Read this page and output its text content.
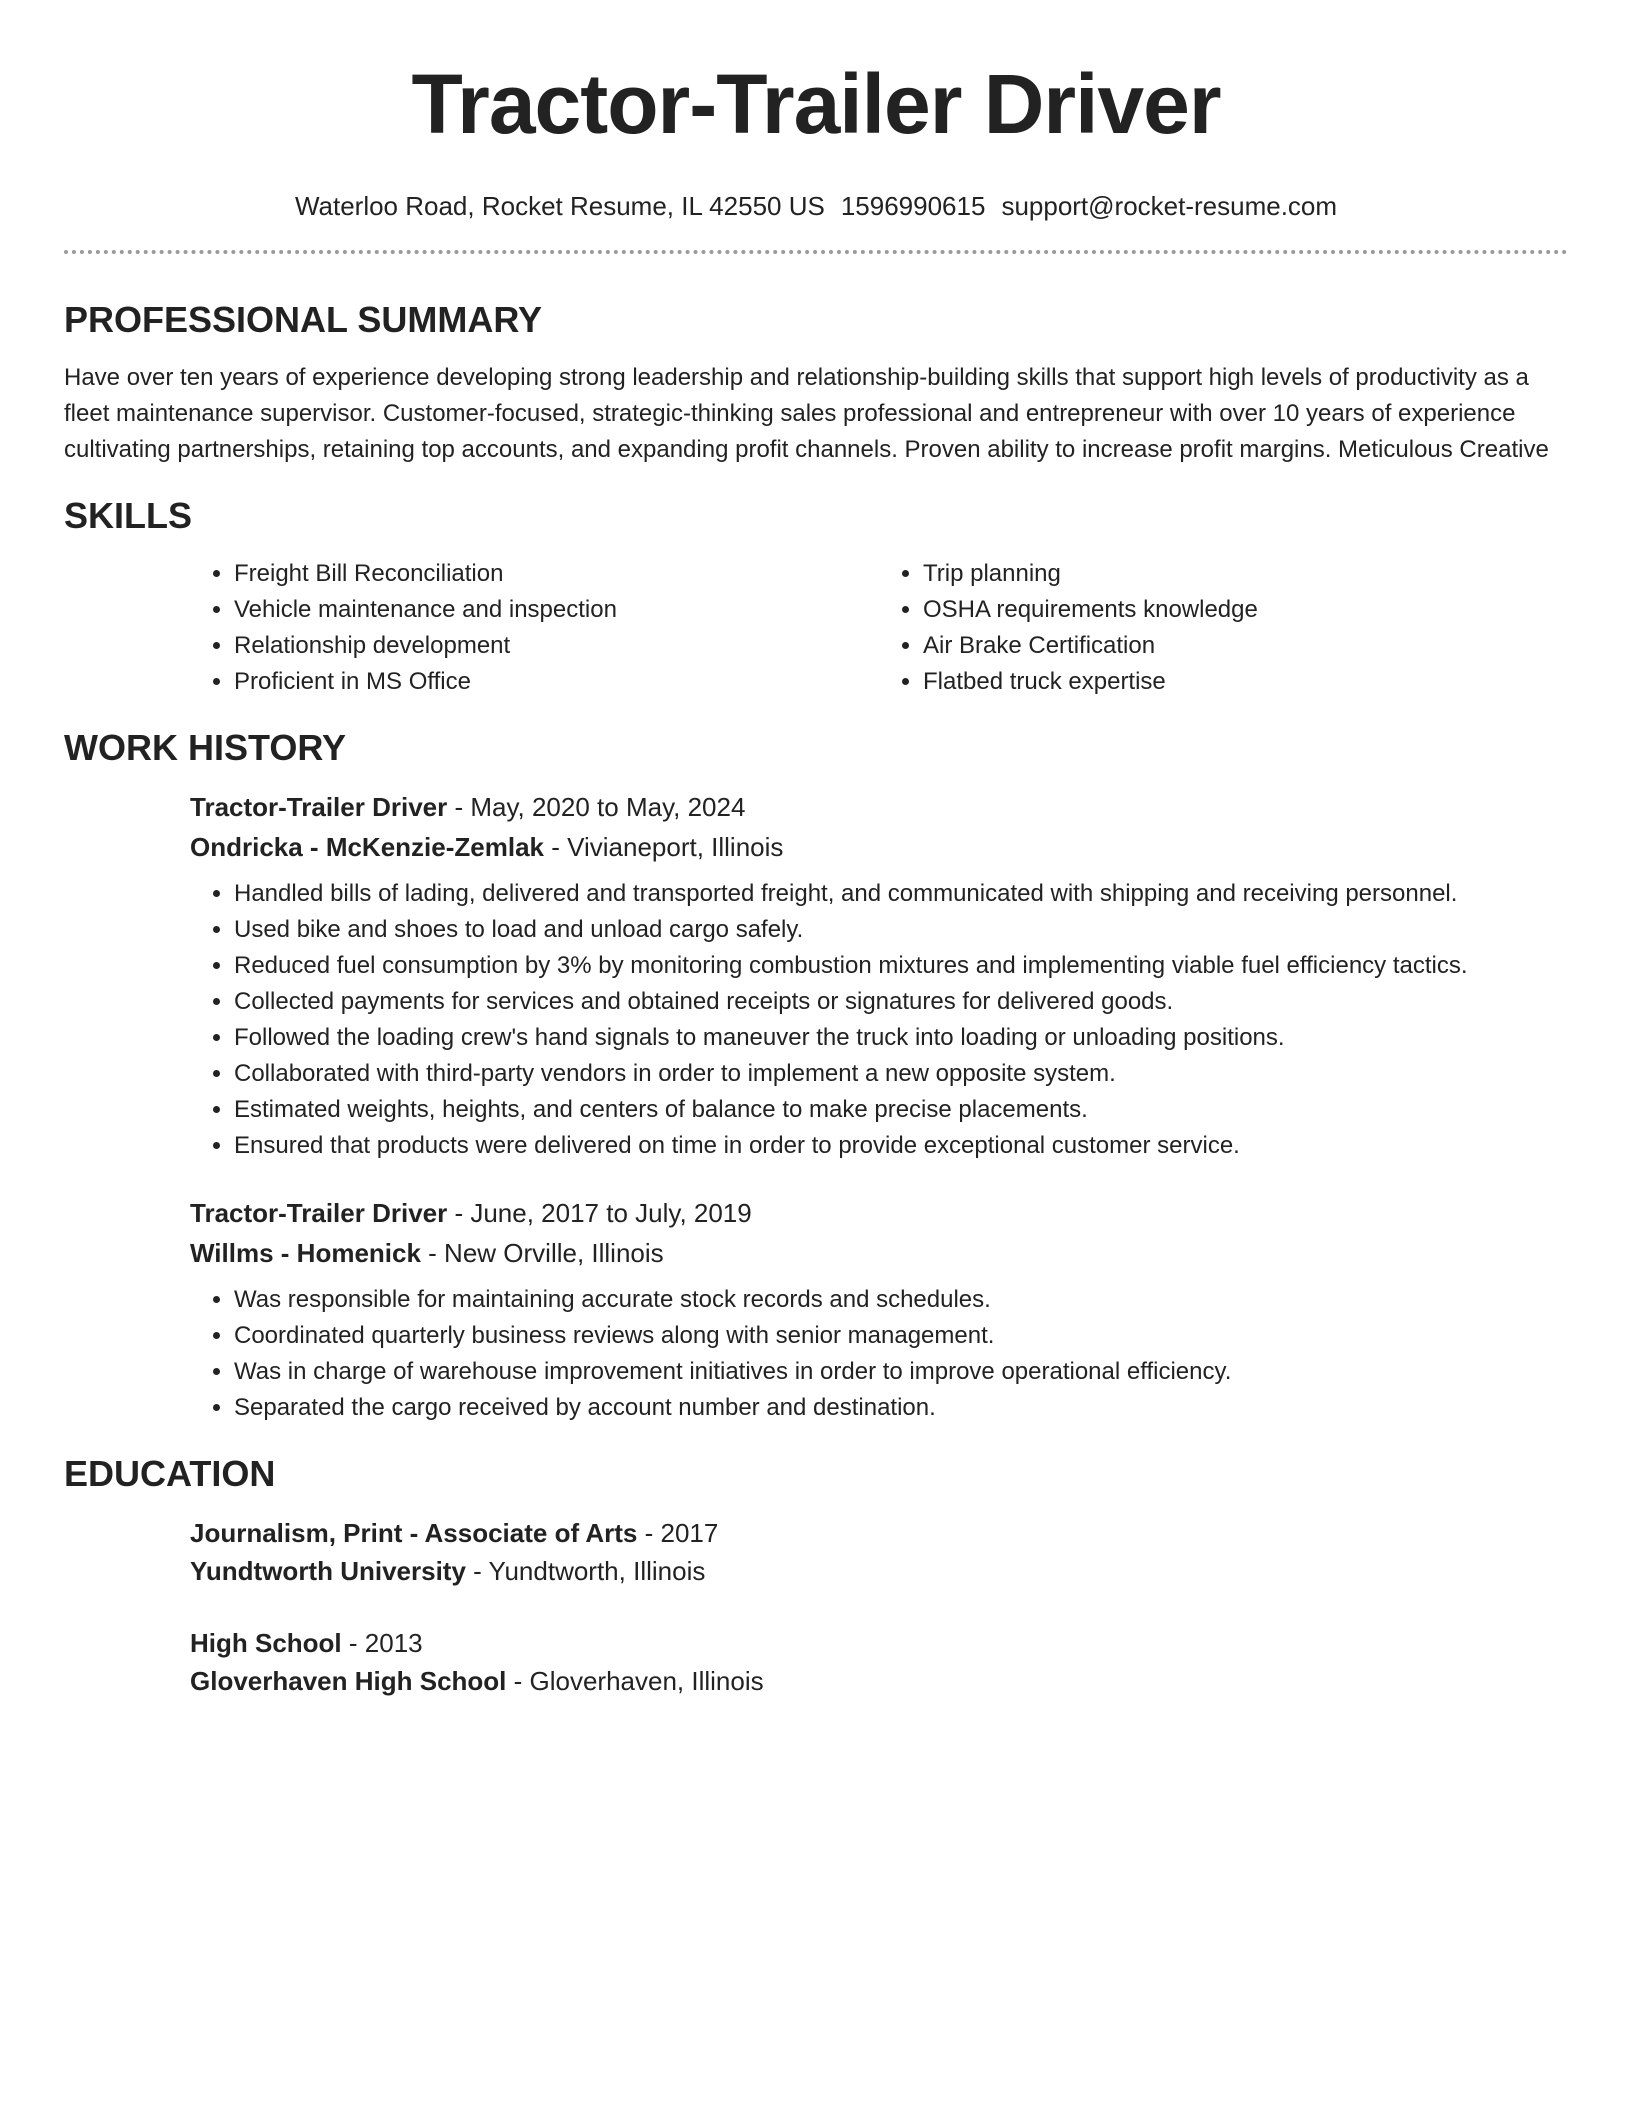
Tractor-Trailer Driver
Waterloo Road, Rocket Resume, IL 42550 US 1596990615 support@rocket-resume.com
PROFESSIONAL SUMMARY

Have over ten years of experience developing strong leadership and relationship-building skills that support high levels of productivity as a fleet maintenance supervisor. Customer-focused, strategic-thinking sales professional and entrepreneur with over 10 years of experience cultivating partnerships, retaining top accounts, and expanding profit channels. Proven ability to increase profit margins. Meticulous Creative

SKILLS
• Freight Bill Reconciliation
• Vehicle maintenance and inspection
• Relationship development
• Proficient in MS Office
• Trip planning
• OSHA requirements knowledge
• Air Brake Certification
• Flatbed truck expertise
WORK HISTORY
Tractor-Trailer Driver - May, 2020 to May, 2024
Ondricka - McKenzie-Zemlak - Vivianeport, Illinois
• Handled bills of lading, delivered and transported freight, and communicated with shipping and receiving personnel.
• Used bike and shoes to load and unload cargo safely.
• Reduced fuel consumption by 3% by monitoring combustion mixtures and implementing viable fuel efficiency tactics.
• Collected payments for services and obtained receipts or signatures for delivered goods.
• Followed the loading crew's hand signals to maneuver the truck into loading or unloading positions.
• Collaborated with third-party vendors in order to implement a new opposite system.
• Estimated weights, heights, and centers of balance to make precise placements.
• Ensured that products were delivered on time in order to provide exceptional customer service.
Tractor-Trailer Driver - June, 2017 to July, 2019
Willms - Homenick - New Orville, Illinois
• Was responsible for maintaining accurate stock records and schedules.
• Coordinated quarterly business reviews along with senior management.
• Was in charge of warehouse improvement initiatives in order to improve operational efficiency.
• Separated the cargo received by account number and destination.
EDUCATION
Journalism, Print - Associate of Arts - 2017
Yundtworth University - Yundtworth, Illinois
High School - 2013
Gloverhaven High School - Gloverhaven, Illinois
